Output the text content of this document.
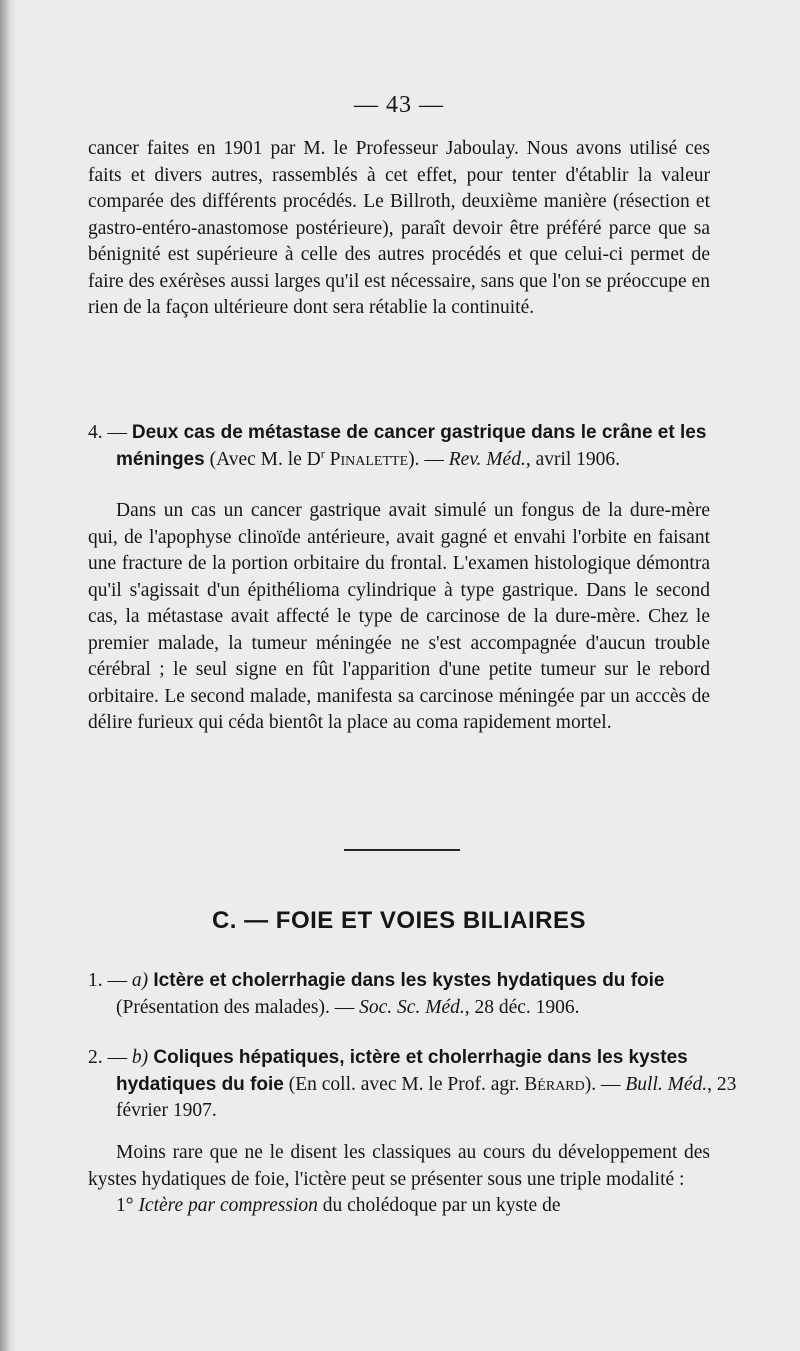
— 43 —

cancer faites en 1901 par M. le Professeur Jaboulay. Nous avons utilisé ces faits et divers autres, rassemblés à cet effet, pour tenter d'établir la valeur comparée des différents procédés. Le Billroth, deuxième manière (résection et gastro-entéro-anastomose postérieure), paraît devoir être préféré parce que sa bénignité est supérieure à celle des autres procédés et que celui-ci permet de faire des exérèses aussi larges qu'il est nécessaire, sans que l'on se préoccupe en rien de la façon ultérieure dont sera rétablie la continuité.

4. — Deux cas de métastase de cancer gastrique dans le crâne et les méninges (Avec M. le $D^r$ Pinalette). — Rev. Méd., avril 1906.

Dans un cas un cancer gastrique avait simulé un fongus de la dure-mère qui, de l'apophyse clinoïde antérieure, avait gagné et envahi l'orbite en faisant une fracture de la portion orbitaire du frontal. L'examen histologique démontra qu'il s'agissait d'un épithélioma cylindrique à type gastrique. Dans le second cas, la métastase avait affecté le type de carcinose de la dure-mère. Chez le premier malade, la tumeur méningée ne s'est accompagnée d'aucun trouble cérébral ; le seul signe en fût l'apparition d'une petite tumeur sur le rebord orbitaire. Le second malade, manifesta sa carcinose méningée par un acccès de délire furieux qui céda bientôt la place au coma rapidement mortel.

C. — FOIE ET VOIES BILIAIRES
1. — a) Ictère et cholerrhagie dans les kystes hydatiques du foie (Présentation des malades). — Soc. Sc. Méd., 28 déc. 1906.
2. — b) Coliques hépatiques, ictère et cholerrhagie dans les kystes hydatiques du foie (En coll. avec M. le Prof. agr. Bérard). — Bull. Méd., 23 février 1907.

Moins rare que ne le disent les classiques au cours du développement des kystes hydatiques de foie, l'ictère peut se présenter sous une triple modalité :

1° Ictère par compression du cholédoque par un kyste de
